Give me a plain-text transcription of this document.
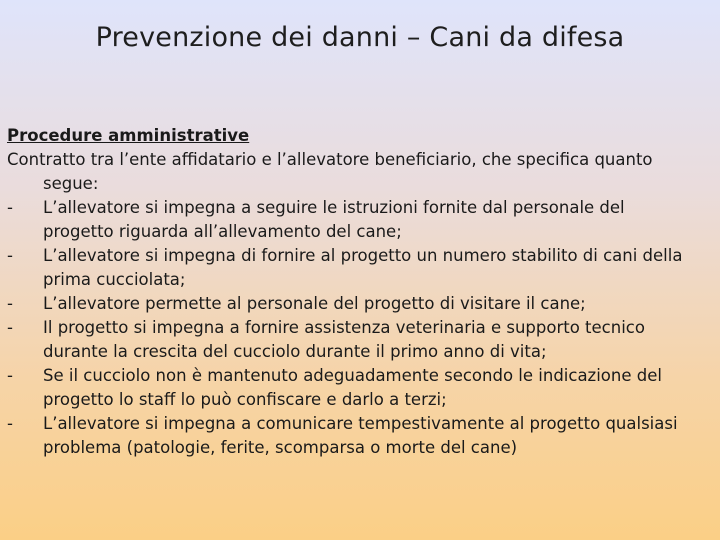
Prevenzione dei danni – Cani da difesa
Procedure amministrative
Contratto tra l’ente affidatario e l’allevatore beneficiario, che specifica quanto segue:
-	L’allevatore si impegna a seguire le istruzioni fornite dal personale del progetto riguarda all’allevamento del cane;
-	L’allevatore si impegna di fornire al progetto un numero stabilito di cani della prima cucciolata;
-	L’allevatore permette al personale del progetto di visitare il cane;
-	Il progetto si impegna a fornire assistenza veterinaria e supporto tecnico durante la crescita del cucciolo durante il primo anno di vita;
-	Se il cucciolo non è mantenuto adeguadamente secondo le indicazione del progetto lo staff lo può confiscare e darlo a terzi;
-	L’allevatore si impegna a comunicare tempestivamente al progetto qualsiasi problema (patologie, ferite, scomparsa o morte del cane)
